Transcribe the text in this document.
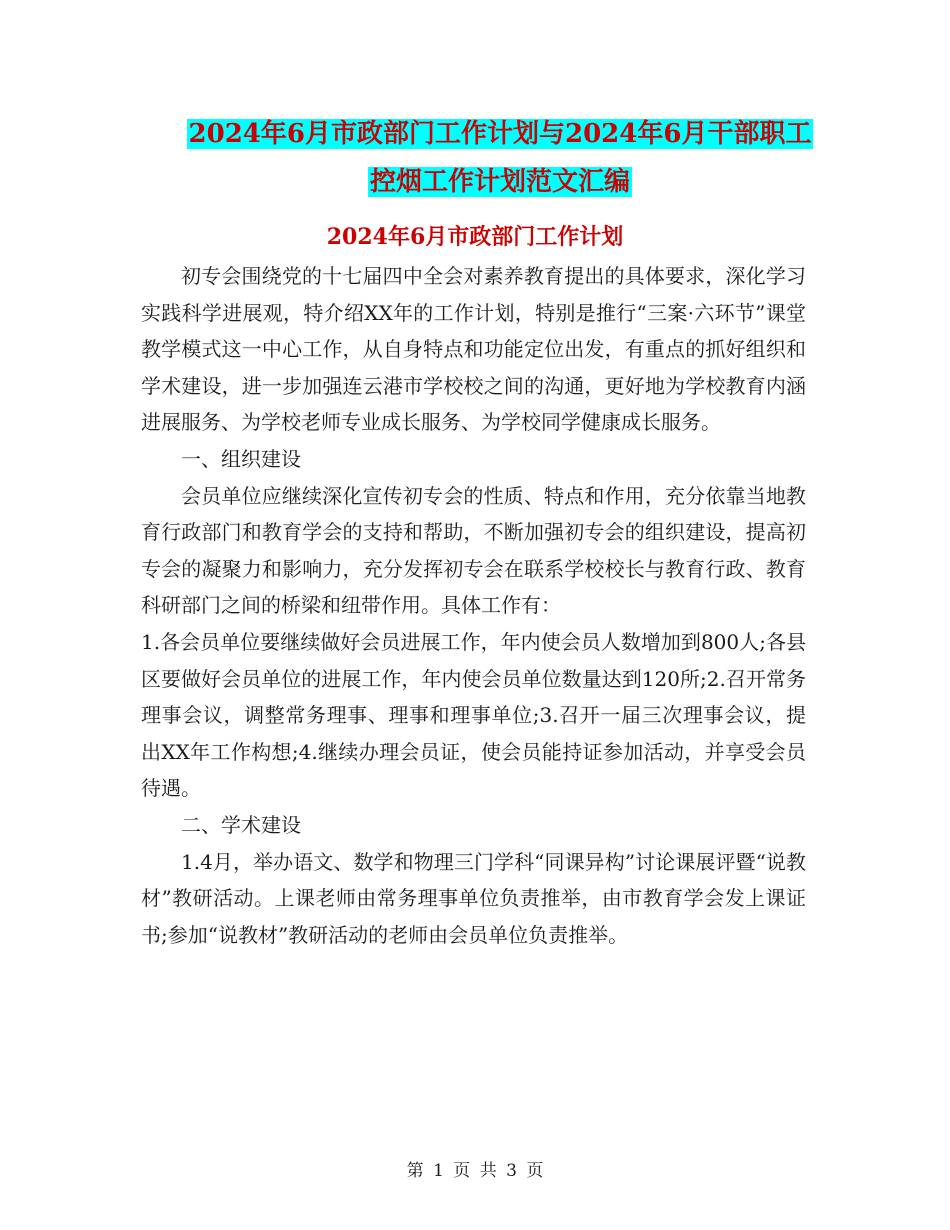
2024年6月市政部门工作计划与2024年6月干部职工
控烟工作计划范文汇编
2024年6月市政部门工作计划

初专会围绕党的十七届四中全会对素养教育提出的具体要求，深化学习实践科学进展观，特介绍XX年的工作计划，特别是推行“三案·六环节”课堂教学模式这一中心工作，从自身特点和功能定位出发，有重点的抓好组织和学术建设，进一步加强连云港市学校校之间的沟通，更好地为学校教育内涵进展服务、为学校老师专业成长服务、为学校同学健康成长服务。

一、组织建设

会员单位应继续深化宣传初专会的性质、特点和作用，充分依靠当地教育行政部门和教育学会的支持和帮助，不断加强初专会的组织建设，提高初专会的凝聚力和影响力，充分发挥初专会在联系学校校长与教育行政、教育科研部门之间的桥梁和纽带作用。具体工作有：

1.各会员单位要继续做好会员进展工作，年内使会员人数增加到800人;各县区要做好会员单位的进展工作，年内使会员单位数量达到120所;2.召开常务理事会议，调整常务理事、理事和理事单位;3.召开一届三次理事会议，提出XX年工作构想;4.继续办理会员证，使会员能持证参加活动，并享受会员待遇。

二、学术建设

1.4月，举办语文、数学和物理三门学科“同课异构”讨论课展评暨“说教材”教研活动。上课老师由常务理事单位负责推举，由市教育学会发上课证书;参加“说教材”教研活动的老师由会员单位负责推举。

第 1 页 共 3 页
